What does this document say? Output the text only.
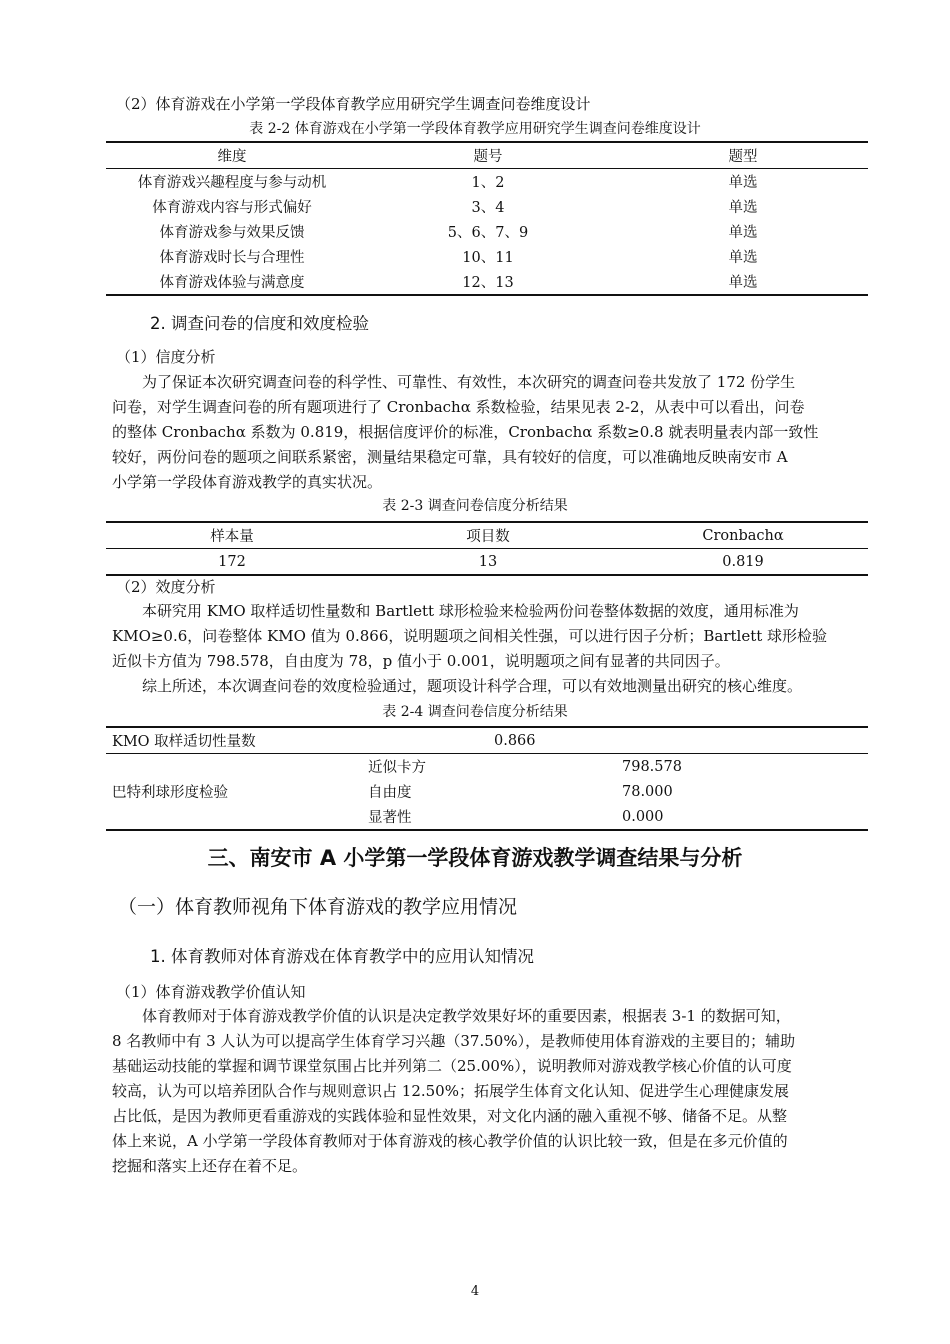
（2）体育游戏在小学第一学段体育教学应用研究学生调查问卷维度设计
表 2-2 体育游戏在小学第一学段体育教学应用研究学生调查问卷维度设计
维度	题号	题型
体育游戏兴趣程度与参与动机	1、2	单选
体育游戏内容与形式偏好	3、4	单选
体育游戏参与效果反馈	5、6、7、9	单选
体育游戏时长与合理性	10、11	单选
体育游戏体验与满意度	12、13	单选
2. 调查问卷的信度和效度检验
（1）信度分析
为了保证本次研究调查问卷的科学性、可靠性、有效性，本次研究的调查问卷共发放了 172 份学生
问卷，对学生调查问卷的所有题项进行了 Cronbachα 系数检验，结果见表 2-2，从表中可以看出，问卷
的整体 Cronbachα 系数为 0.819，根据信度评价的标准，Cronbachα 系数≥0.8 就表明量表内部一致性
较好，两份问卷的题项之间联系紧密，测量结果稳定可靠，具有较好的信度，可以准确地反映南安市 A
小学第一学段体育游戏教学的真实状况。
表 2-3 调查问卷信度分析结果
样本量	项目数	Cronbachα
172	13	0.819
（2）效度分析
本研究用 KMO 取样适切性量数和 Bartlett 球形检验来检验两份问卷整体数据的效度，通用标准为
KMO≥0.6，问卷整体 KMO 值为 0.866，说明题项之间相关性强，可以进行因子分析；Bartlett 球形检验
近似卡方值为 798.578，自由度为 78，p 值小于 0.001，说明题项之间有显著的共同因子。
综上所述，本次调查问卷的效度检验通过，题项设计科学合理，可以有效地测量出研究的核心维度。
表 2-4 调查问卷信度分析结果
KMO 取样适切性量数	0.866	
巴特利球形度检验	近似卡方	798.578
	自由度	78.000
	显著性	0.000
三、南安市 A 小学第一学段体育游戏教学调查结果与分析
（一）体育教师视角下体育游戏的教学应用情况
1. 体育教师对体育游戏在体育教学中的应用认知情况
（1）体育游戏教学价值认知
体育教师对于体育游戏教学价值的认识是决定教学效果好坏的重要因素，根据表 3-1 的数据可知，
8 名教师中有 3 人认为可以提高学生体育学习兴趣（37.50%），是教师使用体育游戏的主要目的；辅助
基础运动技能的掌握和调节课堂氛围占比并列第二（25.00%），说明教师对游戏教学核心价值的认可度
较高，认为可以培养团队合作与规则意识占 12.50%；拓展学生体育文化认知、促进学生心理健康发展
占比低，是因为教师更看重游戏的实践体验和显性效果，对文化内涵的融入重视不够、储备不足。从整
体上来说，A 小学第一学段体育教师对于体育游戏的核心教学价值的认识比较一致，但是在多元价值的
挖掘和落实上还存在着不足。
4
